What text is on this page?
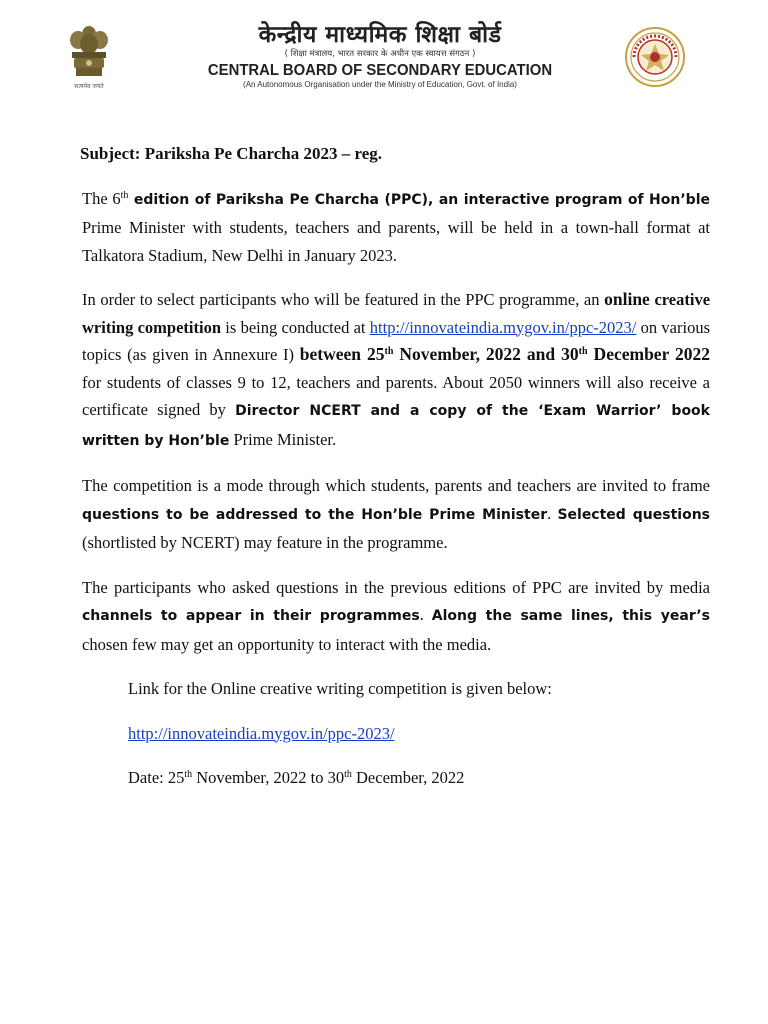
सत्यमेव जयते
केन्द्रीय माध्यमिक शिक्षा बोर्ड
( शिक्षा मंत्रालय, भारत सरकार के अधीन एक स्वायत्त संगठन )
CENTRAL BOARD OF SECONDARY EDUCATION
(An Autonomous Organisation under the Ministry of Education, Govt. of India)
Subject: Pariksha Pe Charcha 2023 – reg.

The 6th edition of Pariksha Pe Charcha (PPC), an interactive program of Hon’ble Prime Minister with students, teachers and parents, will be held in a town-hall format at Talkatora Stadium, New Delhi in January 2023.

In order to select participants who will be featured in the PPC programme, an online creative writing competition is being conducted at http://innovateindia.mygov.in/ppc-2023/ on various topics (as given in Annexure I) between 25th November, 2022 and 30th December 2022 for students of classes 9 to 12, teachers and parents. About 2050 winners will also receive a certificate signed by Director NCERT and a copy of the ‘Exam Warrior’ book written by Hon’ble Prime Minister.

The competition is a mode through which students, parents and teachers are invited to frame questions to be addressed to the Hon’ble Prime Minister. Selected questions (shortlisted by NCERT) may feature in the programme.

The participants who asked questions in the previous editions of PPC are invited by media channels to appear in their programmes. Along the same lines, this year’s chosen few may get an opportunity to interact with the media.

Link for the Online creative writing competition is given below:

http://innovateindia.mygov.in/ppc-2023/

Date: 25th November, 2022 to 30th December, 2022
